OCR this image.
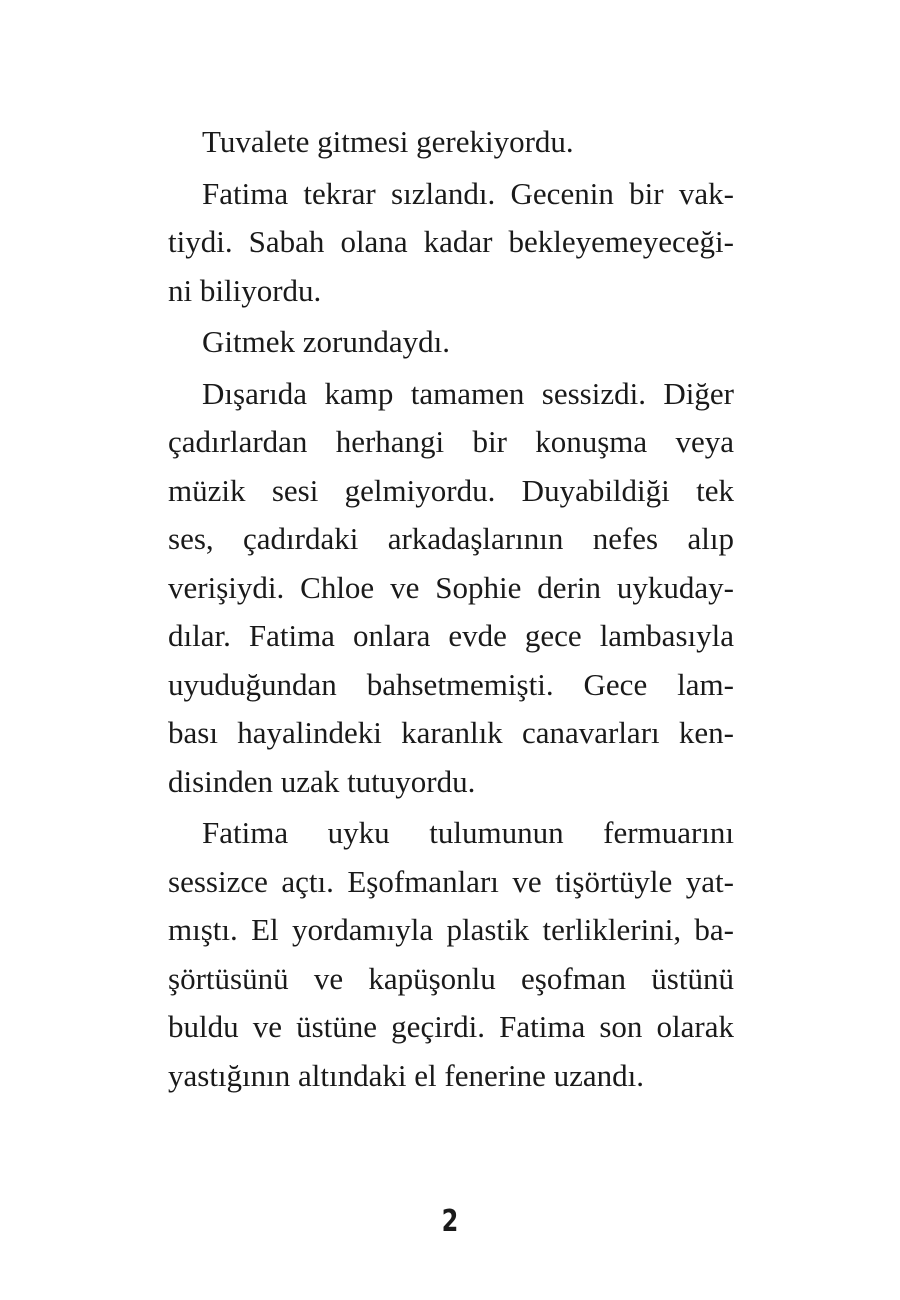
Tuvalete gitmesi gerekiyordu.
Fatima tekrar sızlandı. Gecenin bir vak-
tiydi. Sabah olana kadar bekleyemeyeceği-
ni biliyordu.
Gitmek zorundaydı.
Dışarıda kamp tamamen sessizdi. Diğer
çadırlardan herhangi bir konuşma veya
müzik sesi gelmiyordu. Duyabildiği tek
ses, çadırdaki arkadaşlarının nefes alıp
verişiydi. Chloe ve Sophie derin uykuday-
dılar. Fatima onlara evde gece lambasıyla
uyuduğundan bahsetmemişti. Gece lam-
bası hayalindeki karanlık canavarları ken-
disinden uzak tutuyordu.
Fatima uyku tulumunun fermuarını
sessizce açtı. Eşofmanları ve tişörtüyle yat-
mıştı. El yordamıyla plastik terliklerini, ba-
şörtüsünü ve kapüşonlu eşofman üstünü
buldu ve üstüne geçirdi. Fatima son olarak
yastığının altındaki el fenerine uzandı.
2
